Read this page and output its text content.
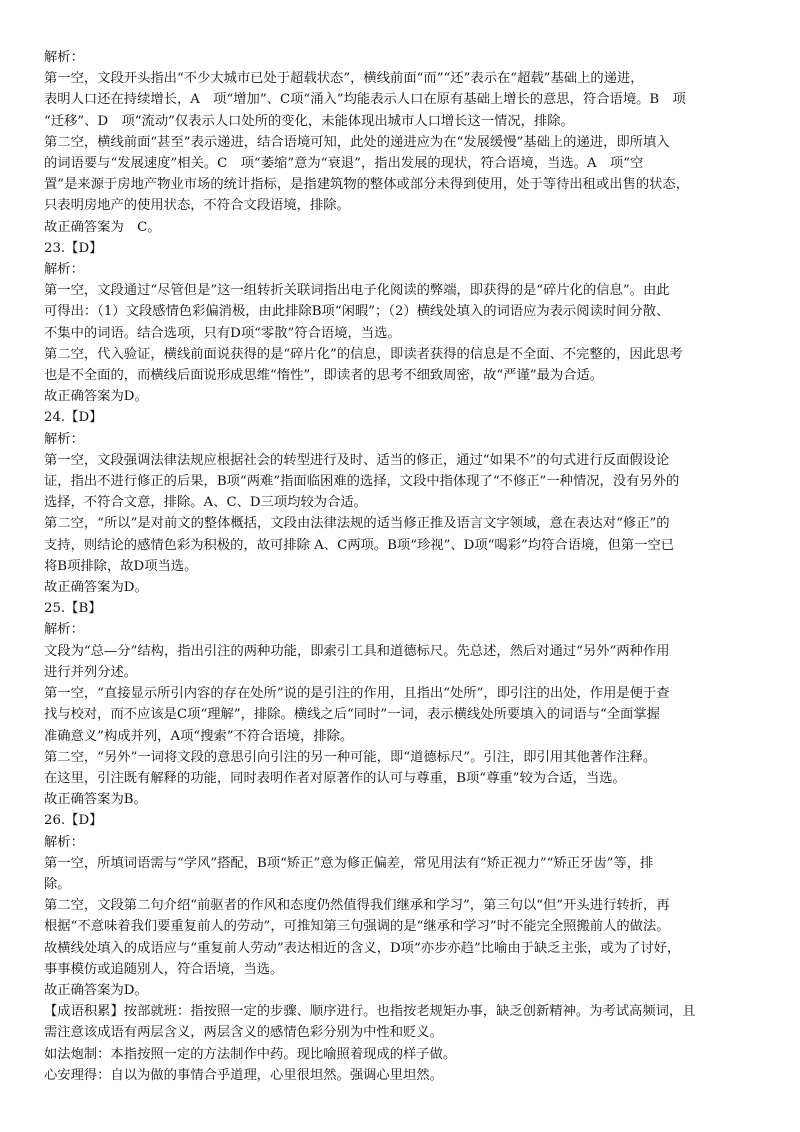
解析：
第一空，文段开头指出“不少大城市已处于超载状态”，横线前面“而”“还”表示在“超载”基础上的递进，
表明人口还在持续增长，A　项“增加”、C项“涌入”均能表示人口在原有基础上增长的意思，符合语境。B　项
“迁移”、D　项“流动”仅表示人口处所的变化，未能体现出城市人口增长这一情况，排除。
第二空，横线前面“甚至”表示递进，结合语境可知，此处的递进应为在“发展缓慢”基础上的递进，即所填入
的词语要与“发展速度”相关。C　项“萎缩”意为“衰退”，指出发展的现状，符合语境，当选。A　项“空
置”是来源于房地产物业市场的统计指标，是指建筑物的整体或部分未得到使用，处于等待出租或出售的状态，
只表明房地产的使用状态，不符合文段语境，排除。
故正确答案为　C。
23.【D】
解析：
第一空，文段通过“尽管但是”这一组转折关联词指出电子化阅读的弊端，即获得的是“碎片化的信息”。由此
可得出：（1）文段感情色彩偏消极，由此排除B项“闲暇”；（2）横线处填入的词语应为表示阅读时间分散、
不集中的词语。结合选项，只有D项“零散”符合语境，当选。
第二空，代入验证，横线前面说获得的是“碎片化”的信息，即读者获得的信息是不全面、不完整的，因此思考
也是不全面的，而横线后面说形成思维“惰性”，即读者的思考不细致周密，故“严谨”最为合适。
故正确答案为D。
24.【D】
解析：
第一空，文段强调法律法规应根据社会的转型进行及时、适当的修正，通过“如果不”的句式进行反面假设论
证，指出不进行修正的后果，B项“两难”指面临困难的选择，文段中指体现了“不修正”一种情况，没有另外的
选择，不符合文意，排除。A、C、D三项均较为合适。
第二空，“所以”是对前文的整体概括，文段由法律法规的适当修正推及语言文字领域，意在表达对“修正”的
支持，则结论的感情色彩为积极的，故可排除 A、C两项。B项“珍视”、D项“喝彩”均符合语境，但第一空已
将B项排除，故D项当选。
故正确答案为D。
25.【B】
解析：
文段为“总—分”结构，指出引注的两种功能，即索引工具和道德标尺。先总述，然后对通过“另外”两种作用
进行并列分述。
第一空，“直接显示所引内容的存在处所”说的是引注的作用，且指出“处所”，即引注的出处，作用是便于查
找与校对，而不应该是C项“理解”，排除。横线之后“同时”一词，表示横线处所要填入的词语与“全面掌握
准确意义”构成并列，A项“搜索”不符合语境，排除。
第二空，“另外”一词将文段的意思引向引注的另一种可能，即“道德标尺”。引注，即引用其他著作注释。
在这里，引注既有解释的功能，同时表明作者对原著作的认可与尊重，B项“尊重”较为合适，当选。
故正确答案为B。
26.【D】
解析：
第一空，所填词语需与“学风”搭配，B项“矫正”意为修正偏差，常见用法有“矫正视力”“矫正牙齿”等，排
除。
第二空，文段第二句介绍“前驱者的作风和态度仍然值得我们继承和学习”，第三句以“但”开头进行转折，再
根据“不意味着我们要重复前人的劳动”，可推知第三句强调的是“继承和学习”时不能完全照搬前人的做法。
故横线处填入的成语应与“重复前人劳动”表达相近的含义，D项“亦步亦趋”比喻由于缺乏主张，或为了讨好，
事事模仿或追随别人，符合语境，当选。
故正确答案为D。
【成语积累】按部就班：指按照一定的步骤、顺序进行。也指按老规矩办事，缺乏创新精神。为考试高频词，且
需注意该成语有两层含义，两层含义的感情色彩分别为中性和贬义。
如法炮制：本指按照一定的方法制作中药。现比喻照着现成的样子做。
心安理得：自以为做的事情合乎道理，心里很坦然。强调心里坦然。
